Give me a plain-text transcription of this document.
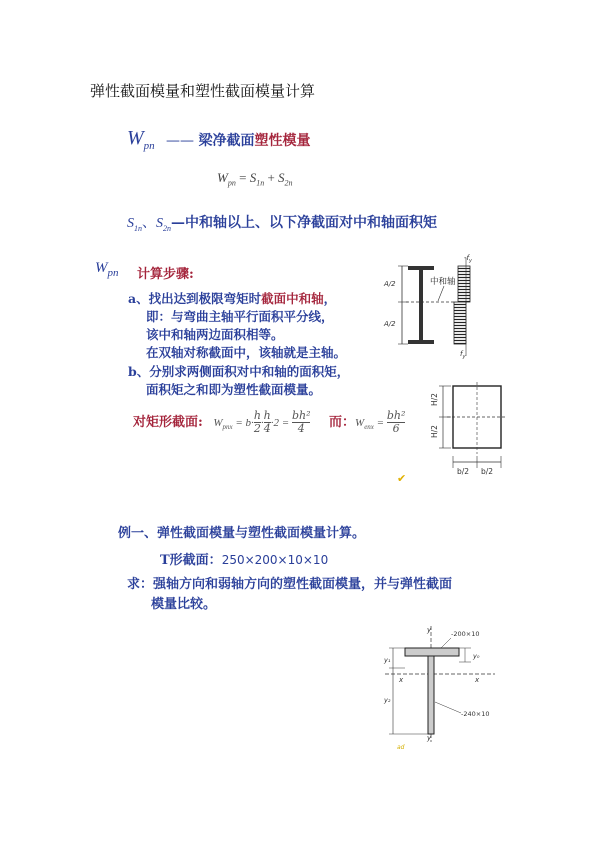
弹性截面模量和塑性截面模量计算
$W_{pn}$ —— 梁净截面塑性模量
$W_{pn} = S_{1n} + S_{2n}$
$S_{1n}$、$S_{2n}—$中和轴以上、以下净截面对中和轴面积矩
$W_{pn}$ 计算步骤:
a、找出达到极限弯矩时截面中和轴，
即：与弯曲主轴平行面积平分线，
该中和轴两边面积相等。
在双轴对称截面中，该轴就是主轴。
b、分别求两侧面积对中和轴的面积矩，
面积矩之和即为塑性截面模量。
对矩形截面: $W_{pnx} = b\cdot \frac{h}{2} \cdot \frac{h}{4} \cdot 2 = \frac{\text{bh²}}{4}$ 而：$W_{enx} = \frac{\text{bh²}}{6}$
A/2
A/2
中和轴
$-f_y$
$f_y$
H/2
H/2
b/2 b/2
✔
例一、弹性截面模量与塑性截面模量计算。
T形截面：250×200×10×10
求：强轴方向和弱轴方向的塑性截面模量，并与弹性截面
模量比较。
y
y
x	x
y₁
y₂
y₀
-200×10
-240×10
ad
